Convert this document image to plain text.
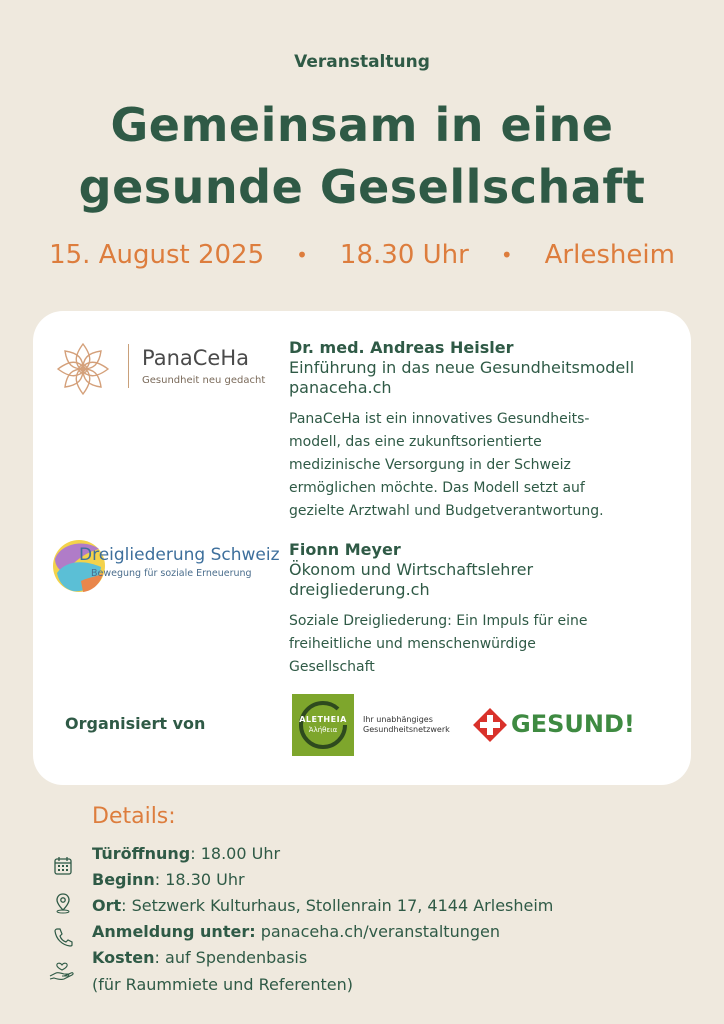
Veranstaltung
Gemeinsam in eine
gesunde Gesellschaft
15. August 2025 • 18.30 Uhr • Arlesheim
PanaCeHa
Gesundheit neu gedacht
Dr. med. Andreas Heisler
Einführung in das neue Gesundheitsmodell
panaceha.ch
PanaCeHa ist ein innovatives Gesundheits-
modell, das eine zukunftsorientierte
medizinische Versorgung in der Schweiz
ermöglichen möchte. Das Modell setzt auf
gezielte Arztwahl und Budgetverantwortung.
Dreigliederung Schweiz
Bewegung für soziale Erneuerung
Fionn Meyer
Ökonom und Wirtschaftslehrer
dreigliederung.ch
Soziale Dreigliederung: Ein Impuls für eine
freiheitliche und menschenwürdige
Gesellschaft
Organisiert von	ALETHEIA
Ἀλήθεια
Ihr unabhängiges
Gesundheitsnetzwerk	GESUND!
Details:
Türöffnung: 18.00 Uhr
Beginn: 18.30 Uhr
Ort: Setzwerk Kulturhaus, Stollenrain 17, 4144 Arlesheim
Anmeldung unter: panaceha.ch/veranstaltungen
Kosten: auf Spendenbasis
(für Raummiete und Referenten)
